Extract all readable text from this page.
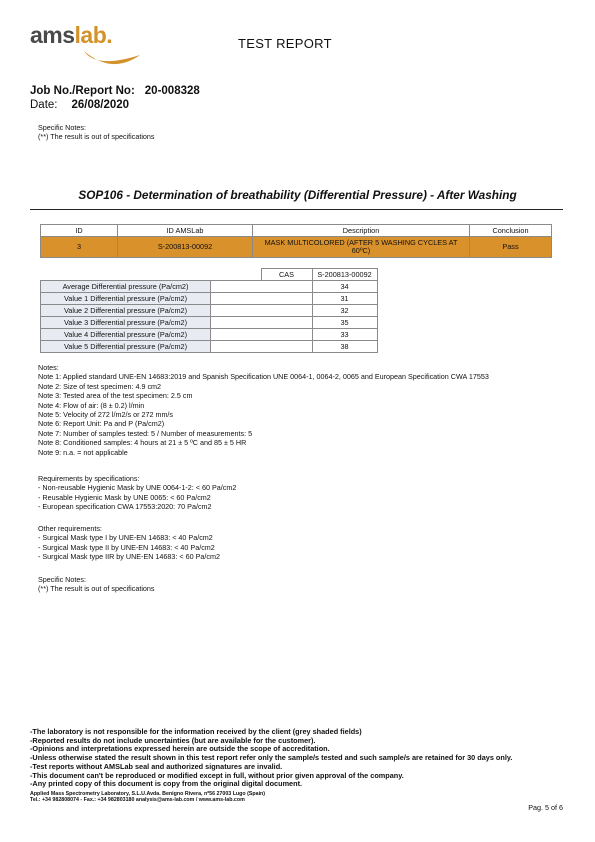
amslab.	TEST REPORT
Job No./Report No: 20-008328
Date: 26/08/2020
Specific Notes:
(**) The result is out of specifications
SOP106 - Determination of breathability (Differential Pressure) - After Washing
ID	ID AMSLab	Description	Conclusion
3	S-200813-00092	MASK MULTICOLORED (AFTER 5 WASHING CYCLES AT 60ºC)	Pass
		CAS	S-200813-00092
Average Differential pressure (Pa/cm2)			34
Value 1 Differential pressure (Pa/cm2)			31
Value 2 Differential pressure (Pa/cm2)			32
Value 3 Differential pressure (Pa/cm2)			35
Value 4 Differential pressure (Pa/cm2)			33
Value 5 Differential pressure (Pa/cm2)			38
Notes:
Note 1: Applied standard UNE-EN 14683:2019 and Spanish Specification UNE 0064-1, 0064-2, 0065 and European Specification CWA 17553
Note 2: Size of test specimen: 4.9 cm2
Note 3: Tested area of the test specimen: 2.5 cm
Note 4: Flow of air: (8 ± 0.2) l/min
Note 5: Velocity of 272 l/m2/s or 272 mm/s
Note 6: Report Unit: Pa and P (Pa/cm2)
Note 7: Number of samples tested: 5 / Number of measurements: 5
Note 8: Conditioned samples: 4 hours at 21 ± 5 ºC and 85 ± 5 HR
Note 9: n.a. = not applicable
Requirements by specifications:
- Non-reusable Hygienic Mask by UNE 0064-1-2: < 60 Pa/cm2
- Reusable Hygienic Mask by UNE 0065: < 60 Pa/cm2
- European specification CWA 17553:2020: 70 Pa/cm2
Other requirements:
- Surgical Mask type I by UNE-EN 14683: < 40 Pa/cm2
- Surgical Mask type II by UNE-EN 14683: < 40 Pa/cm2
- Surgical Mask type IIR by UNE-EN 14683: < 60 Pa/cm2
Specific Notes:
(**) The result is out of specifications
-The laboratory is not responsible for the information received by the client (grey shaded fields)
-Reported results do not include uncertainties (but are available for the customer).
-Opinions and interpretations expressed herein are outside the scope of accreditation.
-Unless otherwise stated the result shown in this test report refer only the sample/s tested and such sample/s are retained for 30 days only.
-Test reports without AMSLab seal and authorized signatures are invalid.
-This document can't be reproduced or modified except in full, without prior given approval of the company.
-Any printed copy of this document is copy from the original digital document.
Applied Mass Spectrometry Laboratory, S.L.U.Avda. Benigno Rivera, nº56 27003 Lugo (Spain)
Tel.: +34 982808074 - Fax.: +34 982803180 analysis@ams-lab.com / www.ams-lab.com
Pag. 5 of 6
